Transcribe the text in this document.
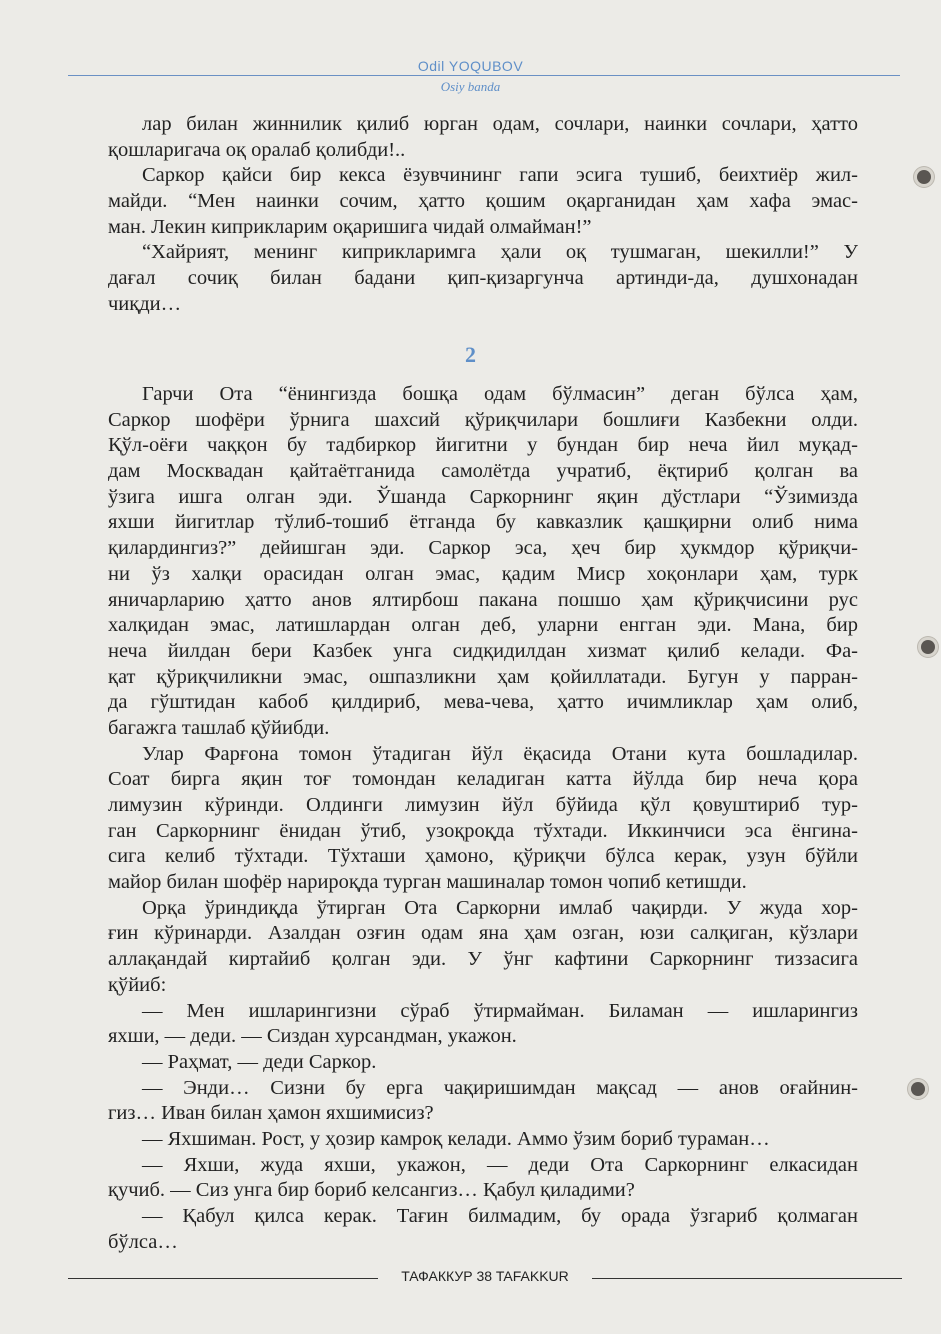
Odil YOQUBOV
Osiy banda
лар билан жиннилик қилиб юрган одам, сочлари, наинки сочлари, ҳатто
қошларигача оқ оралаб қолибди!..
Саркор қайси бир кекса ёзувчининг гапи эсига тушиб, беихтиёр жил-
майди. “Мен наинки сочим, ҳатто қошим оқарганидан ҳам хафа эмас-
ман. Лекин киприкларим оқаришига чидай олмайман!”
“Хайрият, менинг киприкларимга ҳали оқ тушмаган, шекилли!” У
дағал сочиқ билан бадани қип-қизаргунча артинди-да, душхонадан
чиқди…
2
Гарчи Ота “ёнингизда бошқа одам бўлмасин” деган бўлса ҳам,
Саркор шофёри ўрнига шахсий қўриқчилари бошлиғи Казбекни олди.
Қўл-оёғи чаққон бу тадбиркор йигитни у бундан бир неча йил муқад-
дам Москвадан қайтаётганида самолётда учратиб, ёқтириб қолган ва
ўзига ишга олган эди. Ўшанда Саркорнинг яқин дўстлари “Ўзимизда
яхши йигитлар тўлиб-тошиб ётганда бу кавказлик қашқирни олиб нима
қилардингиз?” дейишган эди. Саркор эса, ҳеч бир ҳукмдор қўриқчи-
ни ўз халқи орасидан олган эмас, қадим Миср хоқонлари ҳам, турк
яничарларию ҳатто анов ялтирбош пакана пошшо ҳам қўриқчисини рус
халқидан эмас, латишлардан олган деб, уларни енгган эди. Мана, бир
неча йилдан бери Казбек унга сидқидилдан хизмат қилиб келади. Фа-
қат қўриқчиликни эмас, ошпазликни ҳам қойиллатади. Бугун у парран-
да гўштидан кабоб қилдириб, мева-чева, ҳатто ичимликлар ҳам олиб,
багажга ташлаб қўйибди.
Улар Фарғона томон ўтадиган йўл ёқасида Отани кута бошладилар.
Соат бирга яқин тоғ томондан келадиган катта йўлда бир неча қора
лимузин кўринди. Олдинги лимузин йўл бўйида қўл қовуштириб тур-
ган Саркорнинг ёнидан ўтиб, узоқроқда тўхтади. Иккинчиси эса ёнгина-
сига келиб тўхтади. Тўхташи ҳамоно, қўриқчи бўлса керак, узун бўйли
майор билан шофёр нарироқда турган машиналар томон чопиб кетишди.
Орқа ўриндиқда ўтирган Ота Саркорни имлаб чақирди. У жуда хор-
ғин кўринарди. Азалдан озғин одам яна ҳам озган, юзи салқиган, кўзлари
аллақандай киртайиб қолган эди. У ўнг кафтини Саркорнинг тиззасига
қўйиб:
— Мен ишларингизни сўраб ўтирмайман. Биламан — ишларингиз
яхши, — деди. — Сиздан хурсандман, укажон.
— Раҳмат, — деди Саркор.
— Энди… Сизни бу ерга чақиришимдан мақсад — анов оғайнин-
гиз… Иван билан ҳамон яхшимисиз?
— Яхшиман. Рост, у ҳозир камроқ келади. Аммо ўзим бориб тураман…
— Яхши, жуда яхши, укажон, — деди Ота Саркорнинг елкасидан
қучиб. — Сиз унга бир бориб келсангиз… Қабул қиладими?
— Қабул қилса керак. Тағин билмадим, бу орада ўзгариб қолмаган
бўлса…
ТАФАККУР 38 TAFAKKUR
